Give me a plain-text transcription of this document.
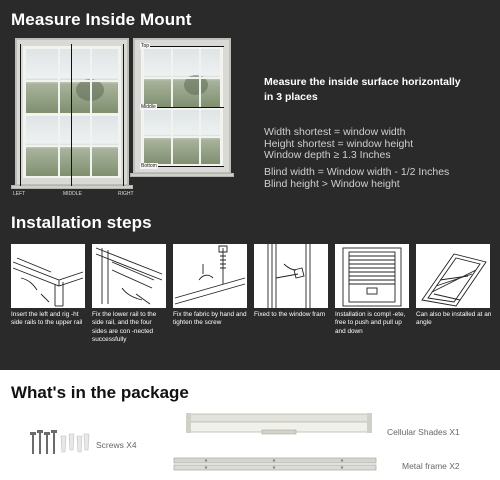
Measure Inside Mount
LEFT	MIDDLE	RIGHT
Top
Middle
Bottom
Measure the inside surface horizontally in 3 places
Width shortest = window width
Height shortest = window height
Window depth ≥ 1.3 Inches
Blind width = Window width - 1/2 Inches
Blind height > Window height
Installation steps
Insert the left and rig -ht side rails to the upper rail
Fix the lower rail to the side rail, and the four sides are con -nected successfully
Fix the fabric by hand and tighten the screw
Fixed to the window fram	Installation is compl -ete, free to push and pull up and down
Can also be installed at an angle
What's in the package
Screws X4
Cellular Shades X1
Metal frame X2
